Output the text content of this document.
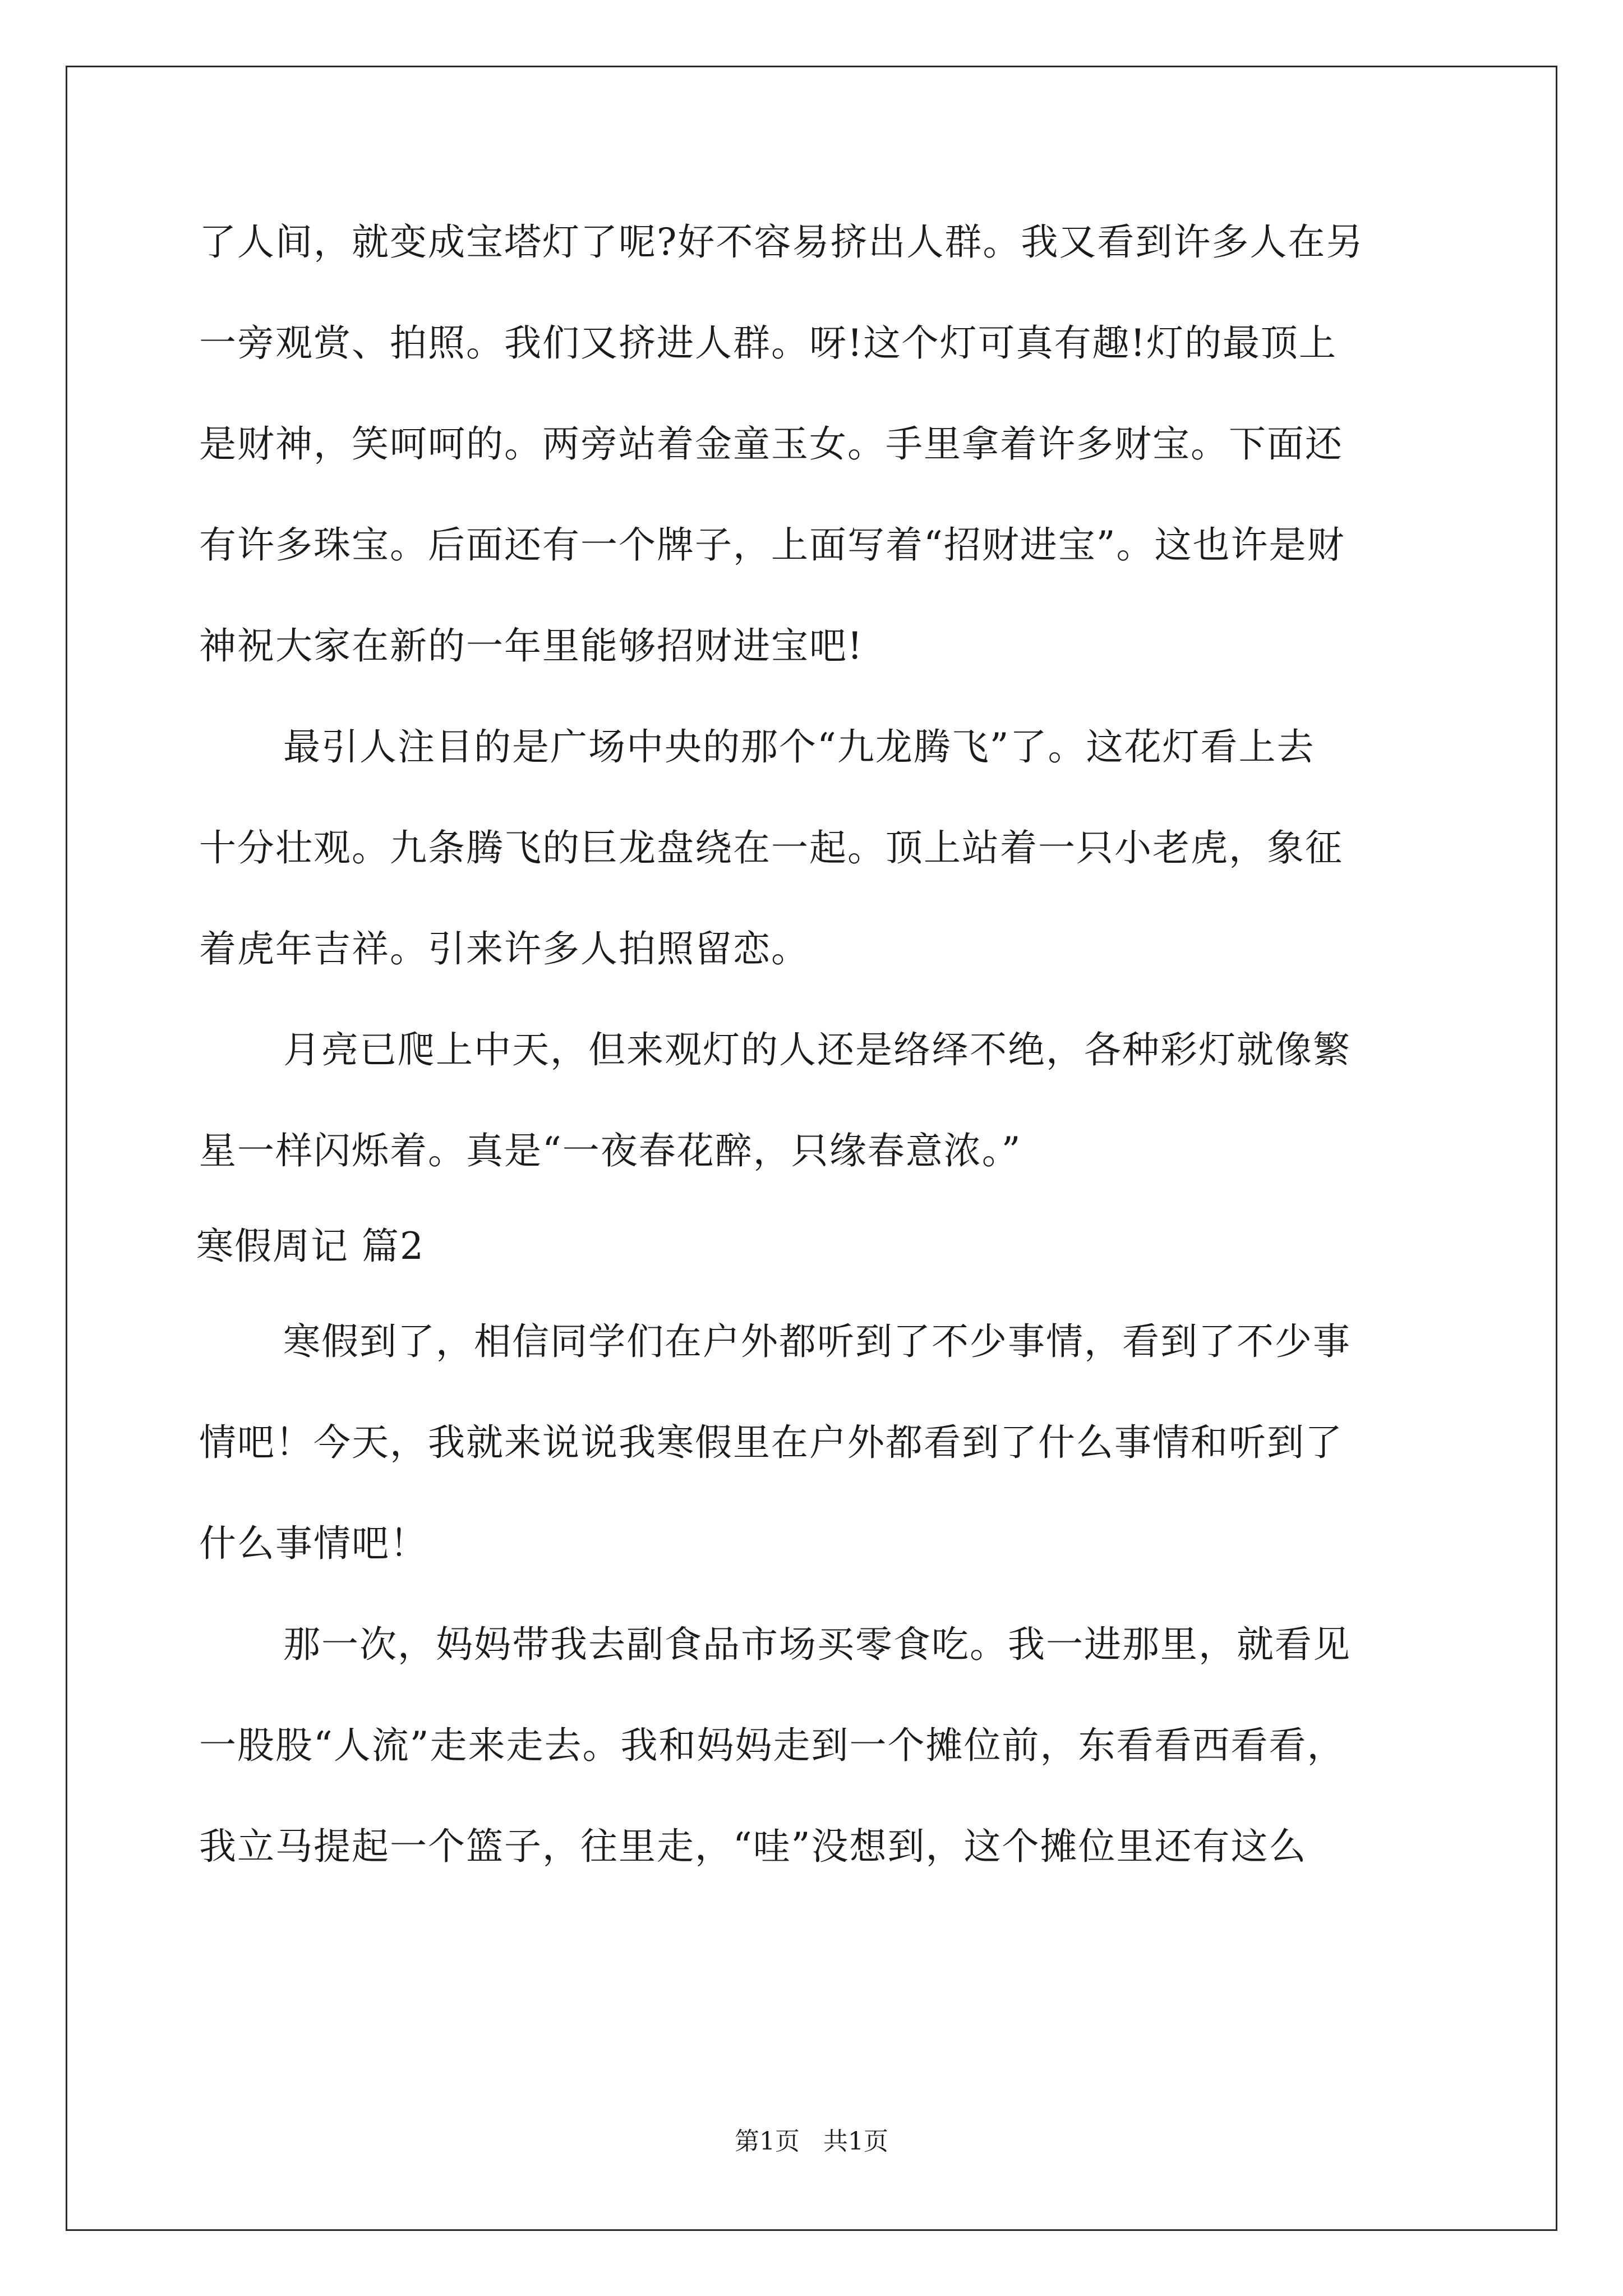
了人间，就变成宝塔灯了呢?好不容易挤出人群。我又看到许多人在另
一旁观赏、拍照。我们又挤进人群。呀!这个灯可真有趣!灯的最顶上
是财神，笑呵呵的。两旁站着金童玉女。手里拿着许多财宝。下面还
有许多珠宝。后面还有一个牌子，上面写着“招财进宝”。这也许是财
神祝大家在新的一年里能够招财进宝吧!
最引人注目的是广场中央的那个“九龙腾飞”了。这花灯看上去
十分壮观。九条腾飞的巨龙盘绕在一起。顶上站着一只小老虎，象征
着虎年吉祥。引来许多人拍照留恋。
月亮已爬上中天，但来观灯的人还是络绎不绝，各种彩灯就像繁
星一样闪烁着。真是“一夜春花醉，只缘春意浓。”
寒假周记 篇2
寒假到了，相信同学们在户外都听到了不少事情，看到了不少事
情吧！今天，我就来说说我寒假里在户外都看到了什么事情和听到了
什么事情吧！
那一次，妈妈带我去副食品市场买零食吃。我一进那里，就看见
一股股“人流”走来走去。我和妈妈走到一个摊位前，东看看西看看，
我立马提起一个篮子，往里走，“哇”没想到，这个摊位里还有这么
第1页   共1页
